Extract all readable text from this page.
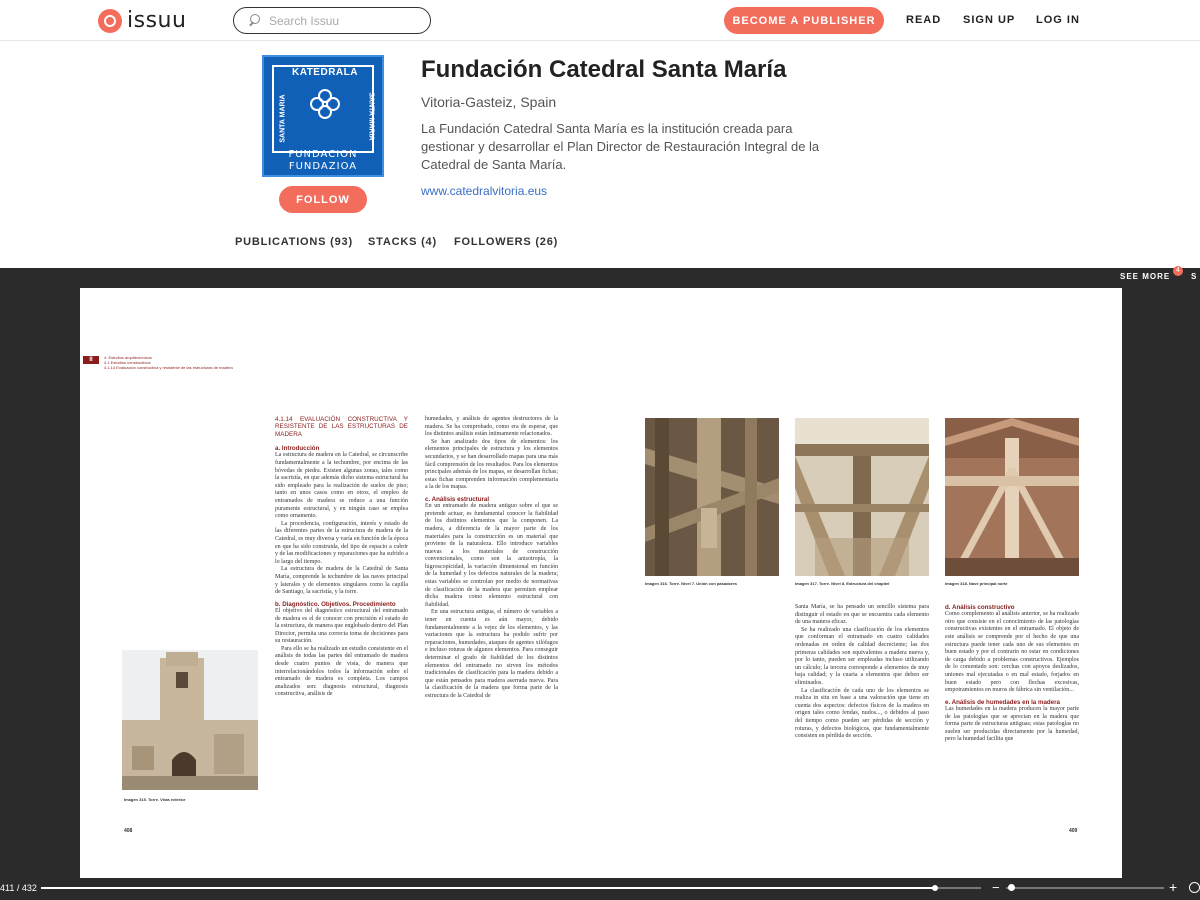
issuu
Search Issuu	BECOME A PUBLISHER	READ SIGN UP LOG IN
KATEDRALA
SANTA MARIA	SANTA MARIA
FUNDACION
FUNDAZIOA
FOLLOW
Fundación Catedral Santa María
Vitoria-Gasteiz, Spain

La Fundación Catedral Santa María es la institución creada para gestionar y desarrollar el Plan Director de Restauración Integral de la Catedral de Santa María.

www.catedralvitoria.eus
PUBLICATIONS (93) STACKS (4) FOLLOWERS (26)
SEE MORE
4
S
II	4. Estudios arquitectónicos
4.1 Estudios constructivos
4.1.14 Evaluación constructiva y resistente de las estructuras de madera
Imagen 315. Torre. Vista exterior
4.1.14 EVALUACIÓN CONSTRUCTIVA Y RESISTENTE DE LAS ESTRUCTURAS DE MADERA
a. Introducción

La estructura de madera en la Catedral, se circunscribe fundamentalmente a la techumbre, por encima de las bóvedas de piedra. Existen algunas zonas, tales como la sacristía, en que además dicho sistema estructural ha sido empleado para la realización de suelos de piso; tanto en unos casos como en otros, el empleo de entramados de madera se reduce a una función puramente estructural, y en ningún caso se emplea como ornamento.

La procedencia, configuración, interés y estado de las diferentes partes de la estructura de madera de la Catedral, es muy diversa y varía en función de la época en que ha sido construida, del tipo de espacio a cubrir y de las modificaciones y reparaciones que ha sufrido a lo largo del tiempo.

La estructura de madera de la Catedral de Santa María, comprende la techumbre de las naves principal y laterales y de elementos singulares como la capilla de Santiago, la sacristía, y la torre.

b. Diagnóstico. Objetivos. Procedimiento

El objetivo del diagnóstico estructural del entramado de madera es el de conocer con precisión el estado de la estructura, de manera que englobado dentro del Plan Director, permita una correcta toma de decisiones para su restauración.

Para ello se ha realizado un estudio consistente en el análisis de todas las partes del entramado de madera desde cuatro puntos de vista, de manera que interrelacionándolos todos la información sobre el entramado de madera es completa. Los campos analizados son: diagnosis estructural, diagnosis constructiva, análisis de

humedades, y análisis de agentes destructores de la madera. Se ha comprobado, como era de esperar, que los distintos análisis están íntimamente relacionados.

Se han analizado dos tipos de elementos: los elementos principales de estructura y los elementos secundarios, y se han desarrollado mapas para una más fácil comprensión de los resultados. Para los elementos principales además de los mapas, se desarrollan fichas; estas fichas comprenden información complementaria a la de los mapas.

c. Análisis estructural

En un entramado de madera antiguo sobre el que se pretende actuar, es fundamental conocer la fiabilidad de los distintos elementos que la componen. La madera, a diferencia de la mayor parte de los materiales para la construcción es un material que proviene de la naturaleza. Ello introduce variables nuevas a los materiales de construcción convencionales, como son la anisotropía, la higroscopicidad, la variación dimensional en función de la humedad y los defectos naturales de la madera; estas variables se controlan por medio de normativas de clasificación de la madera que permiten emplear dicha madera como elemento estructural con fiabilidad.

En una estructura antigua, el número de variables a tener en cuenta es aún mayor, debido fundamentalmente a la vejez de los elementos, y las variaciones que la estructura ha podido sufrir por reparaciones, humedades, ataques de agentes xilófagos e incluso roturas de algunos elementos. Para conseguir determinar el grado de fiabilidad de los distintos elementos del entramado no sirven los métodos tradicionales de clasificación para la madera debido a que están pensados para madera aserrada nueva. Para la clasificación de la madera que forma parte de la estructura de la Catedral de

408
Imagen 316. Torre. Nivel 7. Unión con pasadores	Imagen 317. Torre. Nivel 8. Estructura del chapitel	Imagen 318. Nave principal norte

Santa María, se ha pensado un sencillo sistema para distinguir el estado en que se encuentra cada elemento de una manera eficaz.

Se ha realizado una clasificación de los elementos que conforman el entramado en cuatro calidades ordenadas en orden de calidad decreciente; las dos primeras calidades son equivalentes a madera nueva y, por lo tanto, pueden ser empleadas incluso utilizando un cálculo; la tercera corresponde a elementos de muy baja calidad; y la cuarta a elementos que deben ser eliminados.

La clasificación de cada uno de los elementos se realiza in situ en base a una valoración que tiene en cuenta dos aspectos: defectos físicos de la madera en origen tales como fendas, nudos..., o debidos al paso del tiempo como pueden ser pérdidas de sección y roturas, y defectos biológicos, que fundamentalmente consisten en pérdida de sección.

d. Análisis constructivo

Como complemento al análisis anterior, se ha realizado otro que consiste en el conocimiento de las patologías constructivas existentes en el entramado. El objeto de este análisis se comprende por el hecho de que una estructura puede tener cada uno de sus elementos en buen estado y por el contrario no estar en condiciones de carga debido a problemas constructivos. Ejemplos de lo comentado son: cerchas con apoyos deslizados, uniones mal ejecutadas o en mal estado, forjados en buen estado pero con flechas excesivas, empotramientos en muros de fábrica sin ventilación...

e. Análisis de humedades en la madera

Las humedades en la madera producen la mayor parte de las patologías que se aprecian en la madera que forma parte de estructuras antiguas; estas patologías no suelen ser producidas directamente por la humedad, pero la humedad facilita que

409
411 / 432	−	+
